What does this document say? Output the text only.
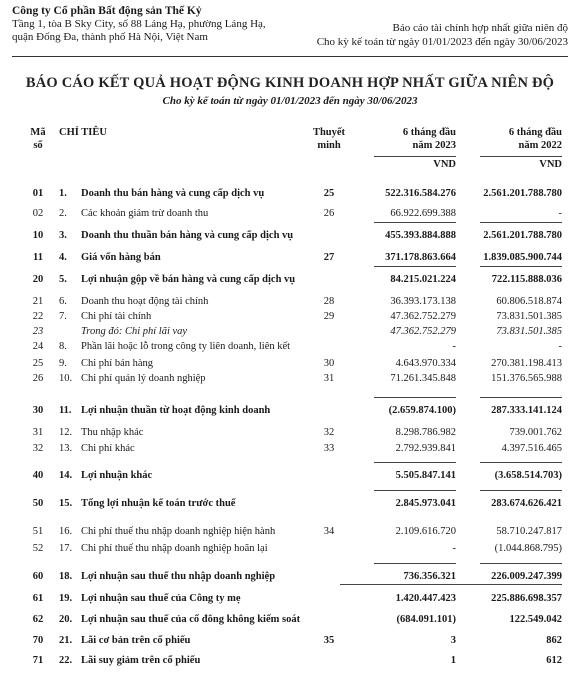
Công ty Cổ phần Bất động sản Thế Kỷ
Tầng 1, tòa B Sky City, số 88 Láng Hạ, phường Láng Hạ,
quận Đống Đa, thành phố Hà Nội, Việt Nam
Báo cáo tài chính hợp nhất giữa niên độ
Cho kỳ kế toán từ ngày 01/01/2023 đến ngày 30/06/2023
BÁO CÁO KẾT QUẢ HOẠT ĐỘNG KINH DOANH HỢP NHẤT GIỮA NIÊN ĐỘ
Cho kỳ kế toán từ ngày 01/01/2023 đến ngày 30/06/2023
Mã
số
CHỈ TIÊU	Thuyết
minh
6 tháng đầu
năm 2023
6 tháng đầu
năm 2022
VND	VND
01	1.	Doanh thu bán hàng và cung cấp dịch vụ	25	522.316.584.276	2.561.201.788.780
02	2.	Các khoản giảm trừ doanh thu	26	66.922.699.388	-
10	3.	Doanh thu thuần bán hàng và cung cấp dịch vụ	455.393.884.888	2.561.201.788.780
11	4.	Giá vốn hàng bán	27	371.178.863.664	1.839.085.900.744
20	5.	Lợi nhuận gộp về bán hàng và cung cấp dịch vụ	84.215.021.224	722.115.888.036
21	6.	Doanh thu hoạt động tài chính	28	36.393.173.138	60.806.518.874
22	7.	Chi phí tài chính	29	47.362.752.279	73.831.501.385
23	Trong đó: Chi phí lãi vay	47.362.752.279	73.831.501.385
24	8.	Phần lãi hoặc lỗ trong công ty liên doanh, liên kết	-	-
25	9.	Chi phí bán hàng	30	4.643.970.334	270.381.198.413
26	10. Chi phí quản lý doanh nghiệp	31	71.261.345.848	151.376.565.988
30	11. Lợi nhuận thuần từ hoạt động kinh doanh	(2.659.874.100)	287.333.141.124
31	12. Thu nhập khác	32	8.298.786.982	739.001.762
32	13. Chi phí khác	33	2.792.939.841	4.397.516.465
40	14. Lợi nhuận khác	5.505.847.141	(3.658.514.703)
50	15. Tổng lợi nhuận kế toán trước thuế	2.845.973.041	283.674.626.421
51	16. Chi phí thuế thu nhập doanh nghiệp hiện hành	34	2.109.616.720	58.710.247.817
52	17. Chi phí thuế thu nhập doanh nghiệp hoãn lại	-	(1.044.868.795)
60	18. Lợi nhuận sau thuế thu nhập doanh nghiệp	736.356.321	226.009.247.399
61	19. Lợi nhuận sau thuế của Công ty mẹ	1.420.447.423	225.886.698.357
62	20. Lợi nhuận sau thuế của cổ đông không kiểm soát	(684.091.101)	122.549.042
70	21. Lãi cơ bản trên cổ phiếu	35	3	862
71	22. Lãi suy giảm trên cổ phiếu	1	612
